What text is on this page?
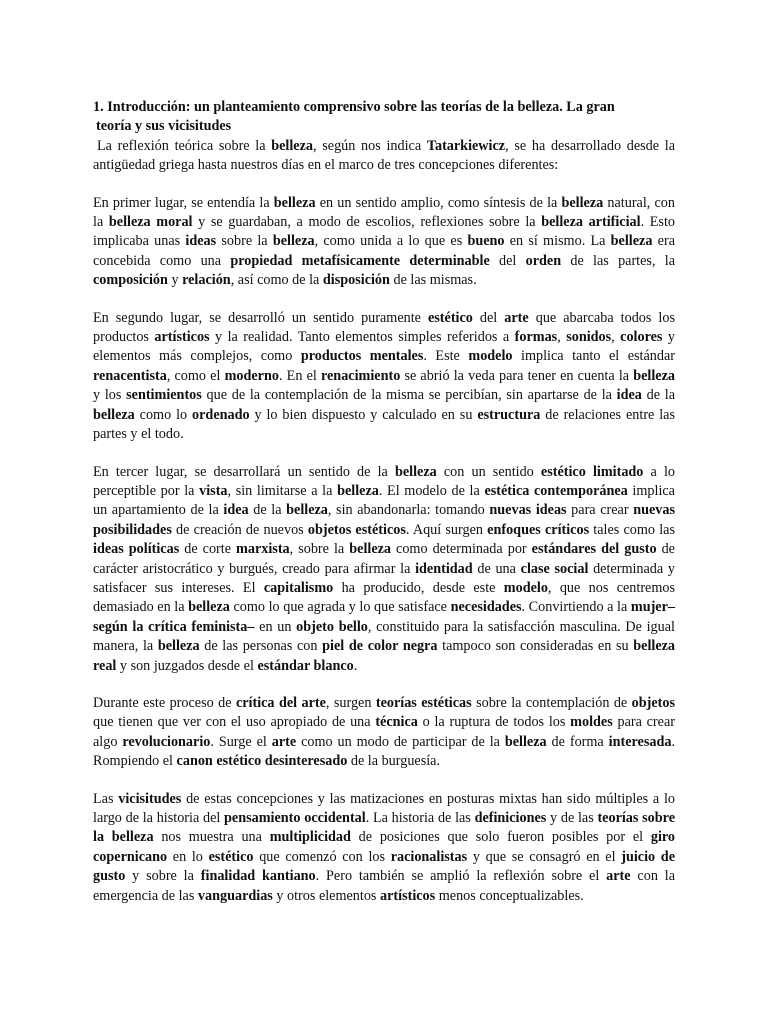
1. Introducción: un planteamiento comprensivo sobre las teorías de la belleza. La gran
teoría y sus vicisitudes

La reflexión teórica sobre la belleza, según nos indica Tatarkiewicz, se ha desarrollado desde la antigüedad griega hasta nuestros días en el marco de tres concepciones diferentes:

En primer lugar, se entendía la belleza en un sentido amplio, como síntesis de la belleza natural, con la belleza moral y se guardaban, a modo de escolios, reflexiones sobre la belleza artificial. Esto implicaba unas ideas sobre la belleza, como unida a lo que es bueno en sí mismo. La belleza era concebida como una propiedad metafísicamente determinable del orden de las partes, la composición y relación, así como de la disposición de las mismas.

En segundo lugar, se desarrolló un sentido puramente estético del arte que abarcaba todos los productos artísticos y la realidad. Tanto elementos simples referidos a formas, sonidos, colores y elementos más complejos, como productos mentales. Este modelo implica tanto el estándar renacentista, como el moderno. En el renacimiento se abrió la veda para tener en cuenta la belleza y los sentimientos que de la contemplación de la misma se percibían, sin apartarse de la idea de la belleza como lo ordenado y lo bien dispuesto y calculado en su estructura de relaciones entre las partes y el todo.

En tercer lugar, se desarrollará un sentido de la belleza con un sentido estético limitado a lo perceptible por la vista, sin limitarse a la belleza. El modelo de la estética contemporánea implica un apartamiento de la idea de la belleza, sin abandonarla: tomando nuevas ideas para crear nuevas posibilidades de creación de nuevos objetos estéticos. Aquí surgen enfoques críticos tales como las ideas políticas de corte marxista, sobre la belleza como determinada por estándares del gusto de carácter aristocrático y burgués, creado para afirmar la identidad de una clase social determinada y satisfacer sus intereses. El capitalismo ha producido, desde este modelo, que nos centremos demasiado en la belleza como lo que agrada y lo que satisface necesidades. Convirtiendo a la mujer–según la crítica feminista– en un objeto bello, constituido para la satisfacción masculina. De igual manera, la belleza de las personas con piel de color negra tampoco son consideradas en su belleza real y son juzgados desde el estándar blanco.

Durante este proceso de crítica del arte, surgen teorías estéticas sobre la contemplación de objetos que tienen que ver con el uso apropiado de una técnica o la ruptura de todos los moldes para crear algo revolucionario. Surge el arte como un modo de participar de la belleza de forma interesada. Rompiendo el canon estético desinteresado de la burguesía.

Las vicisitudes de estas concepciones y las matizaciones en posturas mixtas han sido múltiples a lo largo de la historia del pensamiento occidental. La historia de las definiciones y de las teorías sobre la belleza nos muestra una multiplicidad de posiciones que solo fueron posibles por el giro copernicano en lo estético que comenzó con los racionalistas y que se consagró en el juicio de gusto y sobre la finalidad kantiano. Pero también se amplió la reflexión sobre el arte con la emergencia de las vanguardias y otros elementos artísticos menos conceptualizables.
